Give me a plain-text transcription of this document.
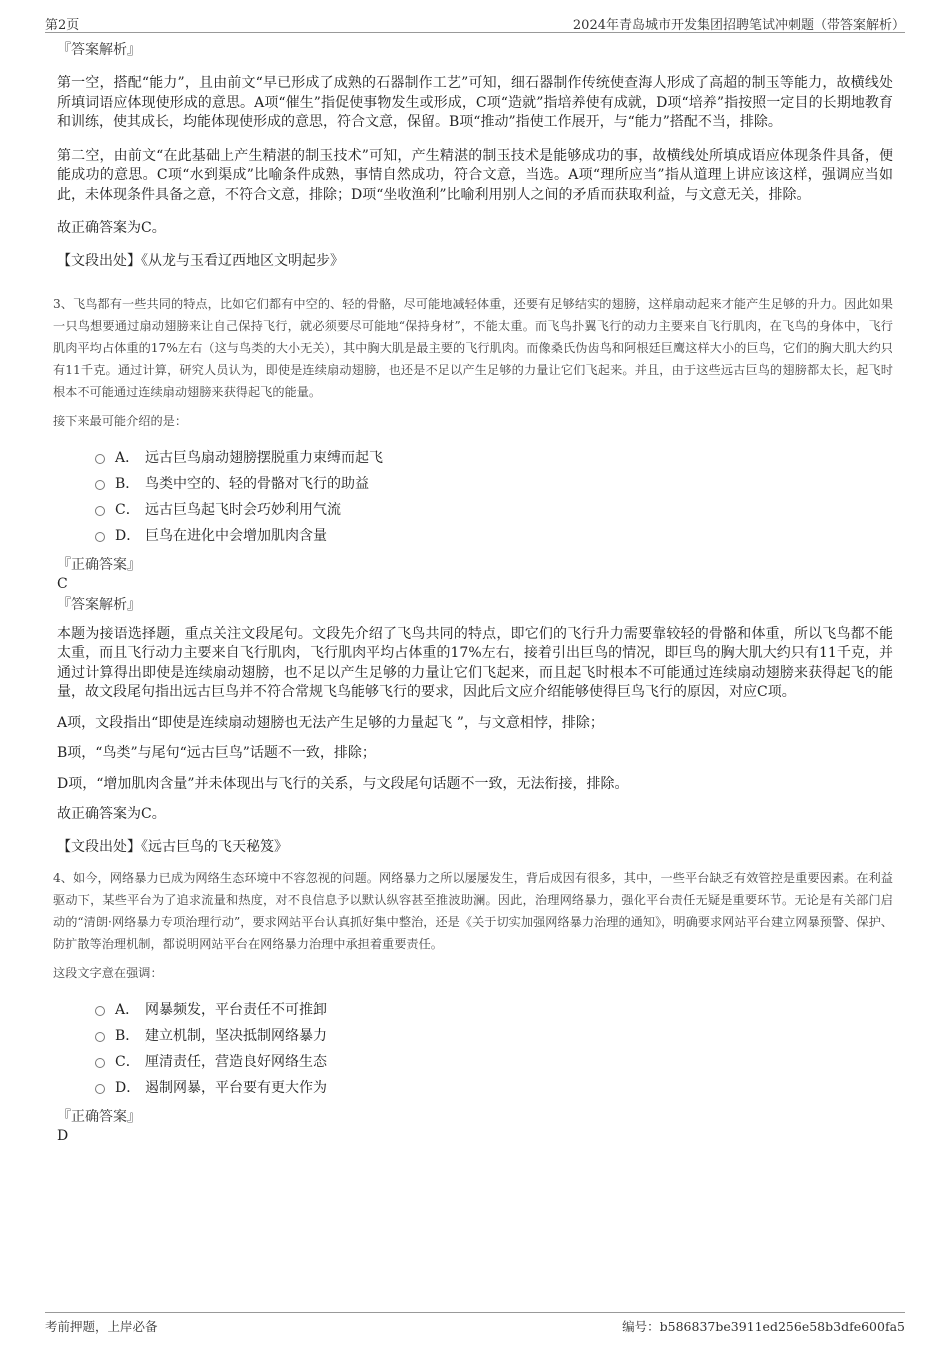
第2页	2024年青岛城市开发集团招聘笔试冲刺题（带答案解析）
『答案解析』

第一空，搭配“能力”，且由前文“早已形成了成熟的石器制作工艺”可知，细石器制作传统使查海人形成了高超的制玉等能力，故横线处所填词语应体现使形成的意思。A项“催生”指促使事物发生或形成，C项“造就”指培养使有成就，D项“培养”指按照一定目的长期地教育和训练，使其成长，均能体现使形成的意思，符合文意，保留。B项“推动”指使工作展开，与“能力”搭配不当，排除。

第二空，由前文“在此基础上产生精湛的制玉技术”可知，产生精湛的制玉技术是能够成功的事，故横线处所填成语应体现条件具备，便能成功的意思。C项“水到渠成”比喻条件成熟，事情自然成功，符合文意，当选。A项“理所应当”指从道理上讲应该这样，强调应当如此，未体现条件具备之意，不符合文意，排除；D项“坐收渔利”比喻利用别人之间的矛盾而获取利益，与文意无关，排除。

故正确答案为C。

【文段出处】《从龙与玉看辽西地区文明起步》

3、飞鸟都有一些共同的特点，比如它们都有中空的、轻的骨骼，尽可能地减轻体重，还要有足够结实的翅膀，这样扇动起来才能产生足够的升力。因此如果一只鸟想要通过扇动翅膀来让自己保持飞行，就必须要尽可能地“保持身材”，不能太重。而飞鸟扑翼飞行的动力主要来自飞行肌肉，在飞鸟的身体中，飞行肌肉平均占体重的17%左右（这与鸟类的大小无关），其中胸大肌是最主要的飞行肌肉。而像桑氏伪齿鸟和阿根廷巨鹰这样大小的巨鸟，它们的胸大肌大约只有11千克。通过计算，研究人员认为，即使是连续扇动翅膀，也还是不足以产生足够的力量让它们飞起来。并且，由于这些远古巨鸟的翅膀都太长，起飞时根本不可能通过连续扇动翅膀来获得起飞的能量。

接下来最可能介绍的是：

A． 远古巨鸟扇动翅膀摆脱重力束缚而起飞
B． 鸟类中空的、轻的骨骼对飞行的助益
C． 远古巨鸟起飞时会巧妙利用气流
D． 巨鸟在进化中会增加肌肉含量
『正确答案』
C
『答案解析』

本题为接语选择题，重点关注文段尾句。文段先介绍了飞鸟共同的特点，即它们的飞行升力需要靠较轻的骨骼和体重，所以飞鸟都不能太重，而且飞行动力主要来自飞行肌肉，飞行肌肉平均占体重的17%左右，接着引出巨鸟的情况，即巨鸟的胸大肌大约只有11千克，并通过计算得出即使是连续扇动翅膀，也不足以产生足够的力量让它们飞起来，而且起飞时根本不可能通过连续扇动翅膀来获得起飞的能量，故文段尾句指出远古巨鸟并不符合常规飞鸟能够飞行的要求，因此后文应介绍能够使得巨鸟飞行的原因，对应C项。

A项，文段指出“即使是连续扇动翅膀也无法产生足够的力量起飞 ”，与文意相悖，排除；

B项，“鸟类”与尾句“远古巨鸟”话题不一致，排除；

D项，“增加肌肉含量”并未体现出与飞行的关系，与文段尾句话题不一致，无法衔接，排除。

故正确答案为C。

【文段出处】《远古巨鸟的飞天秘笈》

4、如今，网络暴力已成为网络生态环境中不容忽视的问题。网络暴力之所以屡屡发生，背后成因有很多，其中，一些平台缺乏有效管控是重要因素。在利益驱动下，某些平台为了追求流量和热度，对不良信息予以默认纵容甚至推波助澜。因此，治理网络暴力，强化平台责任无疑是重要环节。无论是有关部门启动的“清朗·网络暴力专项治理行动”，要求网站平台认真抓好集中整治，还是《关于切实加强网络暴力治理的通知》，明确要求网站平台建立网暴预警、保护、防扩散等治理机制，都说明网站平台在网络暴力治理中承担着重要责任。

这段文字意在强调：

A． 网暴频发，平台责任不可推卸
B． 建立机制，坚决抵制网络暴力
C． 厘清责任，营造良好网络生态
D． 遏制网暴，平台要有更大作为
『正确答案』
D
考前押题，上岸必备	编号：b586837be3911ed256e58b3dfe600fa5
